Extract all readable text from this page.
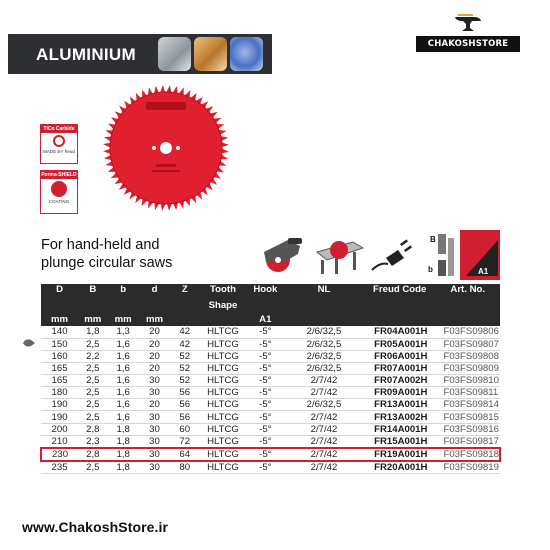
ALUMINIUM
CHAKOSHSTORE
TiCo Carbide
MADE BY freud
Perma-SHIELD
COATING
For hand-held and
plunge circular saws
B
b	A1
D	B	b	d	Z	Tooth	Hook	NL	Freud Code	Art. No.
					Shape				
mm	mm	mm	mm			A1			
140	1,8	1,3	20	42	HLTCG	-5°	2/6/32,5	FR04A001H	F03FS09806
150	2,5	1,6	20	42	HLTCG	-5°	2/6/32,5	FR05A001H	F03FS09807
160	2,2	1,6	20	52	HLTCG	-5°	2/6/32,5	FR06A001H	F03FS09808
165	2,5	1,6	20	52	HLTCG	-5°	2/6/32,5	FR07A001H	F03FS09809
165	2,5	1,6	30	52	HLTCG	-5°	2/7/42	FR07A002H	F03FS09810
180	2,5	1,6	30	56	HLTCG	-5°	2/7/42	FR09A001H	F03FS09811
190	2,5	1,6	20	56	HLTCG	-5°	2/6/32,5	FR13A001H	F03FS09814
190	2,5	1,6	30	56	HLTCG	-5°	2/7/42	FR13A002H	F03FS09815
200	2,8	1,8	30	60	HLTCG	-5°	2/7/42	FR14A001H	F03FS09816
210	2,3	1,8	30	72	HLTCG	-5°	2/7/42	FR15A001H	F03FS09817
230	2,8	1,8	30	64	HLTCG	-5°	2/7/42	FR19A001H	F03FS09818
235	2,5	1,8	30	80	HLTCG	-5°	2/7/42	FR20A001H	F03FS09819
www.ChakoshStore.ir
